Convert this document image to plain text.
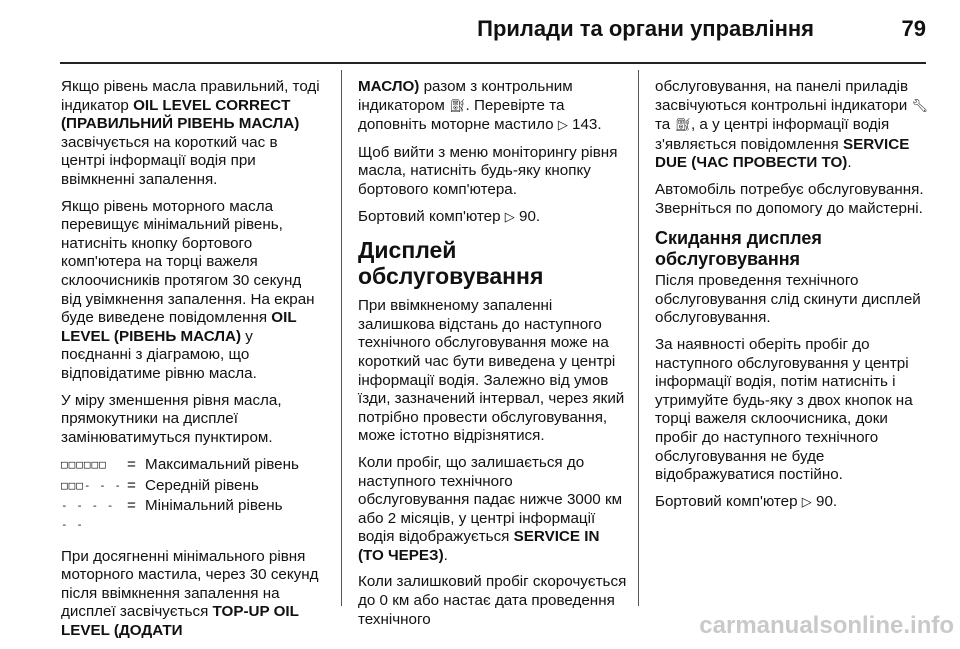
Прилади та органи управління	79

Якщо рівень масла правильний, тоді індикатор OIL LEVEL CORRECT (ПРАВИЛЬНИЙ РІВЕНЬ МАСЛА) засвічується на короткий час в центрі інформації водія при ввімкненні запалення.

Якщо рівень моторного масла перевищує мінімальний рівень, натисніть кнопку бортового комп'ютера на торці важеля склоочисників протягом 30 секунд від увімкнення запалення. На екран буде виведене повідомлення OIL LEVEL (РІВЕНЬ МАСЛА) у поєднанні з діаграмою, що відповідатиме рівню масла.

У міру зменшення рівня масла, прямокутники на дисплеї замінюватимуться пунктиром.

□□□□□□	=	Максимальний рівень
□□□- - -	=	Середній рівень
- - - - - -	=	Мінімальний рівень

При досягненні мінімального рівня моторного мастила, через 30 секунд після ввімкнення запалення на дисплеї засвічується TOP-UP OIL LEVEL (ДОДАТИ

МАСЛО) разом з контрольним індикатором ⛽︎. Перевірте та доповніть моторне мастило ▷ 143.

Щоб вийти з меню моніторингу рівня масла, натисніть будь-яку кнопку бортового комп'ютера.

Бортовий комп'ютер ▷ 90.

Дисплей обслуговування

При ввімкненому запаленні залишкова відстань до наступного технічного обслуговування може на короткий час бути виведена у центрі інформації водія. Залежно від умов їзди, зазначений інтервал, через який потрібно провести обслуговування, може істотно відрізнятися.

Коли пробіг, що залишається до наступного технічного обслуговування падає нижче 3000 км або 2 місяців, у центрі інформації водія відображується SERVICE IN (ТО ЧЕРЕЗ).

Коли залишковий пробіг скорочується до 0 км або настає дата проведення технічного

обслуговування, на панелі приладів засвічуються контрольні індикатори 🔧︎ та ⛽︎, а у центрі інформації водія з'являється повідомлення SERVICE DUE (ЧАС ПРОВЕСТИ ТО).

Автомобіль потребує обслуговування. Зверніться по допомогу до майстерні.

Скидання дисплея обслуговування

Після проведення технічного обслуговування слід скинути дисплей обслуговування.

За наявності оберіть пробіг до наступного обслуговування у центрі інформації водія, потім натисніть і утримуйте будь-яку з двох кнопок на торці важеля склоочисника, доки пробіг до наступного технічного обслуговування не буде відображуватися постійно.

Бортовий комп'ютер ▷ 90.

carmanualsonline.info
